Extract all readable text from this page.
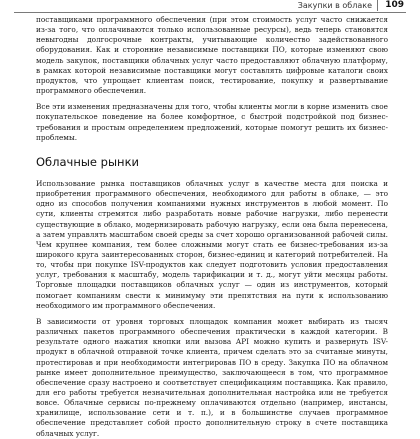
Закупки в облаке 109

поставщиками программного обеспечения (при этом стоимость услуг часто снижается из-за того, что оплачиваются только использованные ресурсы), ведь теперь становятся невыгодны долгосрочные контракты, учитывающие количество задействованного оборудования. Как и сторонние независимые поставщики ПО, которые изменяют свою модель закупок, поставщики облачных услуг часто предоставляют облачную платформу, в рамках которой независимые поставщики могут составлять цифровые каталоги своих продуктов, что упрощает клиентам поиск, тестирование, покупку и развертывание программного обеспечения.

Все эти изменения предназначены для того, чтобы клиенты могли в корне изменить свое покупательское поведение на более комфортное, с быстрой подстройкой под бизнес-требования и простым определением предложений, которые помогут решить их бизнес-проблемы.

Облачные рынки

Использование рынка поставщиков облачных услуг в качестве места для поиска и приобретения программного обеспечения, необходимого для работы в облаке, — это одно из способов получения компаниями нужных инструментов в любой момент. По сути, клиенты стремятся либо разработать новые рабочие нагрузки, либо перенести существующие в облако, модернизировать рабочую нагрузку, если она была перенесена, а затем управлять масштабом своей среды за счет хорошо организованной рабочей силы. Чем крупнее компания, тем более сложными могут стать ее бизнес-требования из-за широкого круга заинтересованных сторон, бизнес-единиц и категорий потребителей. На то, чтобы при покупке ISV-продуктов как следует подготовить условия предоставления услуг, требования к масштабу, модель тарификации и т. д., могут уйти месяцы работы. Торговые площадки поставщиков облачных услуг — один из инструментов, который помогает компаниям свести к минимуму эти препятствия на пути к использованию необходимого им программного обеспечения.

В зависимости от уровня торговых площадок компания может выбирать из тысяч различных пакетов программного обеспечения практически в каждой категории. В результате одного нажатия кнопки или вызова API можно купить и развернуть ISV-продукт в облачной отправной точке клиента, причем сделать это за считаные минуты, протестировав и при необходимости интегрировав ПО в среду. Закупка ПО на облачном рынке имеет дополнительное преимущество, заключающееся в том, что программное обеспечение сразу настроено и соответствует спецификациям поставщика. Как правило, для его работы требуется незначительная дополнительная настройка или не требуется вовсе. Облачные сервисы по-прежнему оплачиваются отдельно (например, инстансы, хранилище, использование сети и т. п.), и в большинстве случаев программное обеспечение представляет собой просто дополнительную строку в счете поставщика облачных услуг.
